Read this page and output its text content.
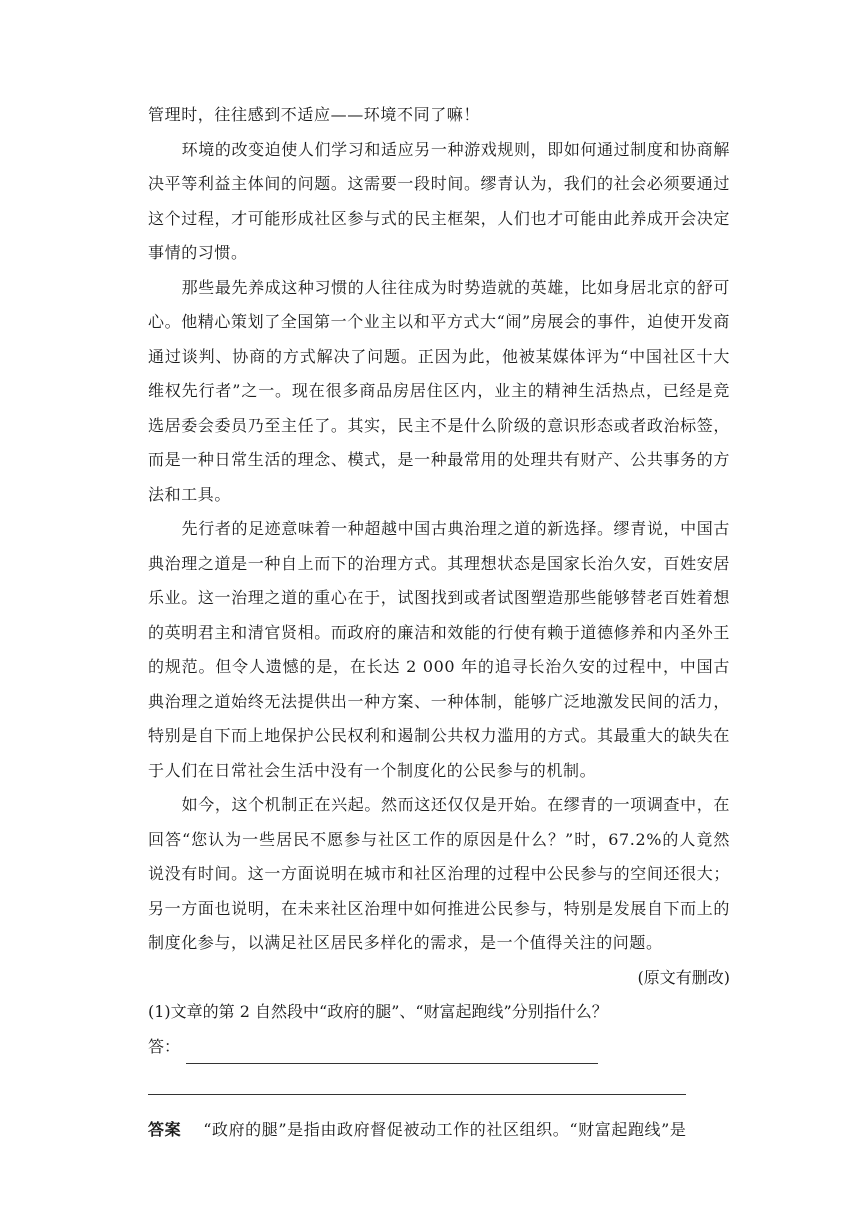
管理时，往往感到不适应——环境不同了嘛！

环境的改变迫使人们学习和适应另一种游戏规则，即如何通过制度和协商解决平等利益主体间的问题。这需要一段时间。缪青认为，我们的社会必须要通过这个过程，才可能形成社区参与式的民主框架，人们也才可能由此养成开会决定事情的习惯。

那些最先养成这种习惯的人往往成为时势造就的英雄，比如身居北京的舒可心。他精心策划了全国第一个业主以和平方式大“闹”房展会的事件，迫使开发商通过谈判、协商的方式解决了问题。正因为此，他被某媒体评为“中国社区十大维权先行者”之一。现在很多商品房居住区内，业主的精神生活热点，已经是竞选居委会委员乃至主任了。其实，民主不是什么阶级的意识形态或者政治标签，而是一种日常生活的理念、模式，是一种最常用的处理共有财产、公共事务的方法和工具。

先行者的足迹意味着一种超越中国古典治理之道的新选择。缪青说，中国古典治理之道是一种自上而下的治理方式。其理想状态是国家长治久安，百姓安居乐业。这一治理之道的重心在于，试图找到或者试图塑造那些能够替老百姓着想的英明君主和清官贤相。而政府的廉洁和效能的行使有赖于道德修养和内圣外王的规范。但令人遗憾的是，在长达 2 000 年的追寻长治久安的过程中，中国古典治理之道始终无法提供出一种方案、一种体制，能够广泛地激发民间的活力，特别是自下而上地保护公民权利和遏制公共权力滥用的方式。其最重大的缺失在于人们在日常社会生活中没有一个制度化的公民参与的机制。

如今，这个机制正在兴起。然而这还仅仅是开始。在缪青的一项调查中，在回答“您认为一些居民不愿参与社区工作的原因是什么？”时，67.2%的人竟然说没有时间。这一方面说明在城市和社区治理的过程中公民参与的空间还很大；另一方面也说明，在未来社区治理中如何推进公民参与，特别是发展自下而上的制度化参与，以满足社区居民多样化的需求，是一个值得关注的问题。

(原文有删改)

(1)文章的第 2 自然段中“政府的腿”、“财富起跑线”分别指什么？

答：

答案 “政府的腿”是指由政府督促被动工作的社区组织。“财富起跑线”是
